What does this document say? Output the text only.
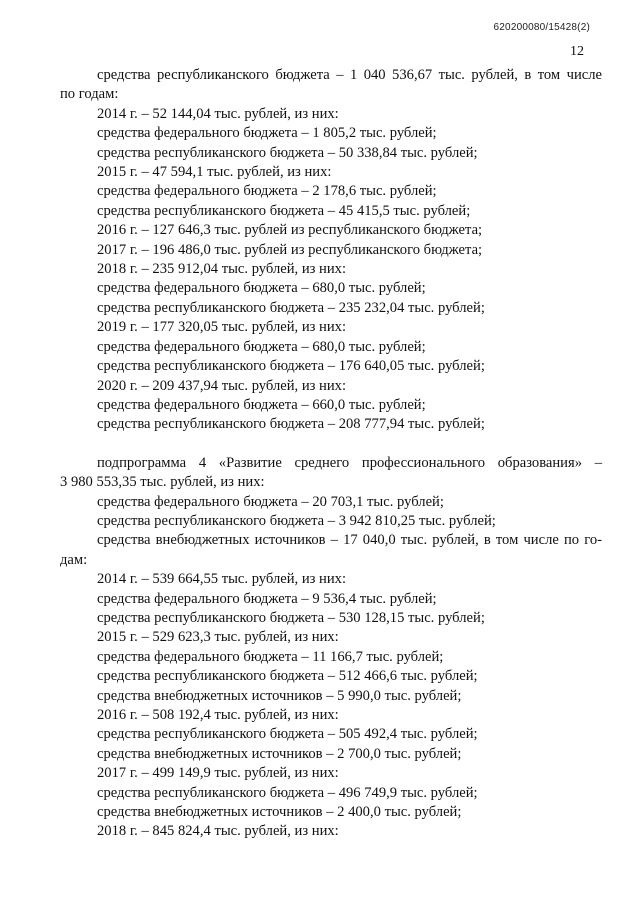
620200080/15428(2)
12
средства республиканского бюджета – 1 040 536,67 тыс. рублей, в том числе
по годам:
2014 г. – 52 144,04 тыс. рублей, из них:
средства федерального бюджета – 1 805,2 тыс. рублей;
средства республиканского бюджета – 50 338,84 тыс. рублей;
2015 г. – 47 594,1 тыс. рублей, из них:
средства федерального бюджета – 2 178,6 тыс. рублей;
средства республиканского бюджета – 45 415,5 тыс. рублей;
2016 г. – 127 646,3 тыс. рублей из республиканского бюджета;
2017 г. – 196 486,0 тыс. рублей из республиканского бюджета;
2018 г. – 235 912,04 тыс. рублей, из них:
средства федерального бюджета – 680,0 тыс. рублей;
средства республиканского бюджета – 235 232,04 тыс. рублей;
2019 г. – 177 320,05 тыс. рублей, из них:
средства федерального бюджета – 680,0 тыс. рублей;
средства республиканского бюджета – 176 640,05 тыс. рублей;
2020 г. – 209 437,94 тыс. рублей, из них:
средства федерального бюджета – 660,0 тыс. рублей;
средства республиканского бюджета – 208 777,94 тыс. рублей;
подпрограмма 4 «Развитие среднего профессионального образования» –
3 980 553,35 тыс. рублей, из них:
средства федерального бюджета – 20 703,1 тыс. рублей;
средства республиканского бюджета – 3 942 810,25 тыс. рублей;
средства внебюджетных источников – 17 040,0 тыс. рублей, в том числе по го-
дам:
2014 г. – 539 664,55 тыс. рублей, из них:
средства федерального бюджета – 9 536,4 тыс. рублей;
средства республиканского бюджета – 530 128,15 тыс. рублей;
2015 г. – 529 623,3 тыс. рублей, из них:
средства федерального бюджета – 11 166,7 тыс. рублей;
средства республиканского бюджета – 512 466,6 тыс. рублей;
средства внебюджетных источников – 5 990,0 тыс. рублей;
2016 г. – 508 192,4 тыс. рублей, из них:
средства республиканского бюджета – 505 492,4 тыс. рублей;
средства внебюджетных источников – 2 700,0 тыс. рублей;
2017 г. – 499 149,9 тыс. рублей, из них:
средства республиканского бюджета – 496 749,9 тыс. рублей;
средства внебюджетных источников – 2 400,0 тыс. рублей;
2018 г. – 845 824,4 тыс. рублей, из них:
